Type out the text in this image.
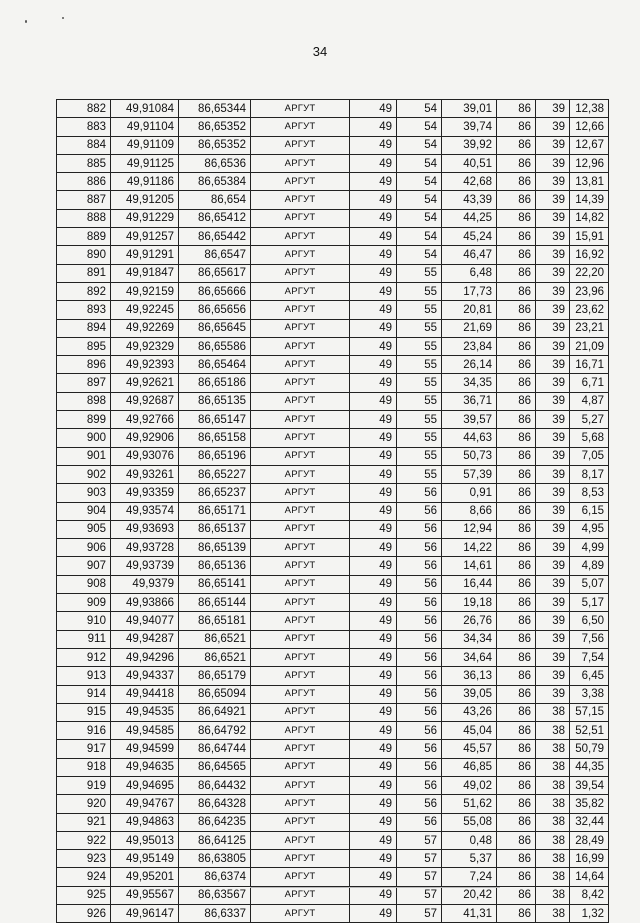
34
882	49,91084	86,65344	АРГУТ	49	54	39,01	86	39	12,38
883	49,91104	86,65352	АРГУТ	49	54	39,74	86	39	12,66
884	49,91109	86,65352	АРГУТ	49	54	39,92	86	39	12,67
885	49,91125	86,6536	АРГУТ	49	54	40,51	86	39	12,96
886	49,91186	86,65384	АРГУТ	49	54	42,68	86	39	13,81
887	49,91205	86,654	АРГУТ	49	54	43,39	86	39	14,39
888	49,91229	86,65412	АРГУТ	49	54	44,25	86	39	14,82
889	49,91257	86,65442	АРГУТ	49	54	45,24	86	39	15,91
890	49,91291	86,6547	АРГУТ	49	54	46,47	86	39	16,92
891	49,91847	86,65617	АРГУТ	49	55	6,48	86	39	22,20
892	49,92159	86,65666	АРГУТ	49	55	17,73	86	39	23,96
893	49,92245	86,65656	АРГУТ	49	55	20,81	86	39	23,62
894	49,92269	86,65645	АРГУТ	49	55	21,69	86	39	23,21
895	49,92329	86,65586	АРГУТ	49	55	23,84	86	39	21,09
896	49,92393	86,65464	АРГУТ	49	55	26,14	86	39	16,71
897	49,92621	86,65186	АРГУТ	49	55	34,35	86	39	6,71
898	49,92687	86,65135	АРГУТ	49	55	36,71	86	39	4,87
899	49,92766	86,65147	АРГУТ	49	55	39,57	86	39	5,27
900	49,92906	86,65158	АРГУТ	49	55	44,63	86	39	5,68
901	49,93076	86,65196	АРГУТ	49	55	50,73	86	39	7,05
902	49,93261	86,65227	АРГУТ	49	55	57,39	86	39	8,17
903	49,93359	86,65237	АРГУТ	49	56	0,91	86	39	8,53
904	49,93574	86,65171	АРГУТ	49	56	8,66	86	39	6,15
905	49,93693	86,65137	АРГУТ	49	56	12,94	86	39	4,95
906	49,93728	86,65139	АРГУТ	49	56	14,22	86	39	4,99
907	49,93739	86,65136	АРГУТ	49	56	14,61	86	39	4,89
908	49,9379	86,65141	АРГУТ	49	56	16,44	86	39	5,07
909	49,93866	86,65144	АРГУТ	49	56	19,18	86	39	5,17
910	49,94077	86,65181	АРГУТ	49	56	26,76	86	39	6,50
911	49,94287	86,6521	АРГУТ	49	56	34,34	86	39	7,56
912	49,94296	86,6521	АРГУТ	49	56	34,64	86	39	7,54
913	49,94337	86,65179	АРГУТ	49	56	36,13	86	39	6,45
914	49,94418	86,65094	АРГУТ	49	56	39,05	86	39	3,38
915	49,94535	86,64921	АРГУТ	49	56	43,26	86	38	57,15
916	49,94585	86,64792	АРГУТ	49	56	45,04	86	38	52,51
917	49,94599	86,64744	АРГУТ	49	56	45,57	86	38	50,79
918	49,94635	86,64565	АРГУТ	49	56	46,85	86	38	44,35
919	49,94695	86,64432	АРГУТ	49	56	49,02	86	38	39,54
920	49,94767	86,64328	АРГУТ	49	56	51,62	86	38	35,82
921	49,94863	86,64235	АРГУТ	49	56	55,08	86	38	32,44
922	49,95013	86,64125	АРГУТ	49	57	0,48	86	38	28,49
923	49,95149	86,63805	АРГУТ	49	57	5,37	86	38	16,99
924	49,95201	86,6374	АРГУТ	49	57	7,24	86	38	14,64
925	49,95567	86,63567	АРГУТ	49	57	20,42	86	38	8,42
926	49,96147	86,6337	АРГУТ	49	57	41,31	86	38	1,32
